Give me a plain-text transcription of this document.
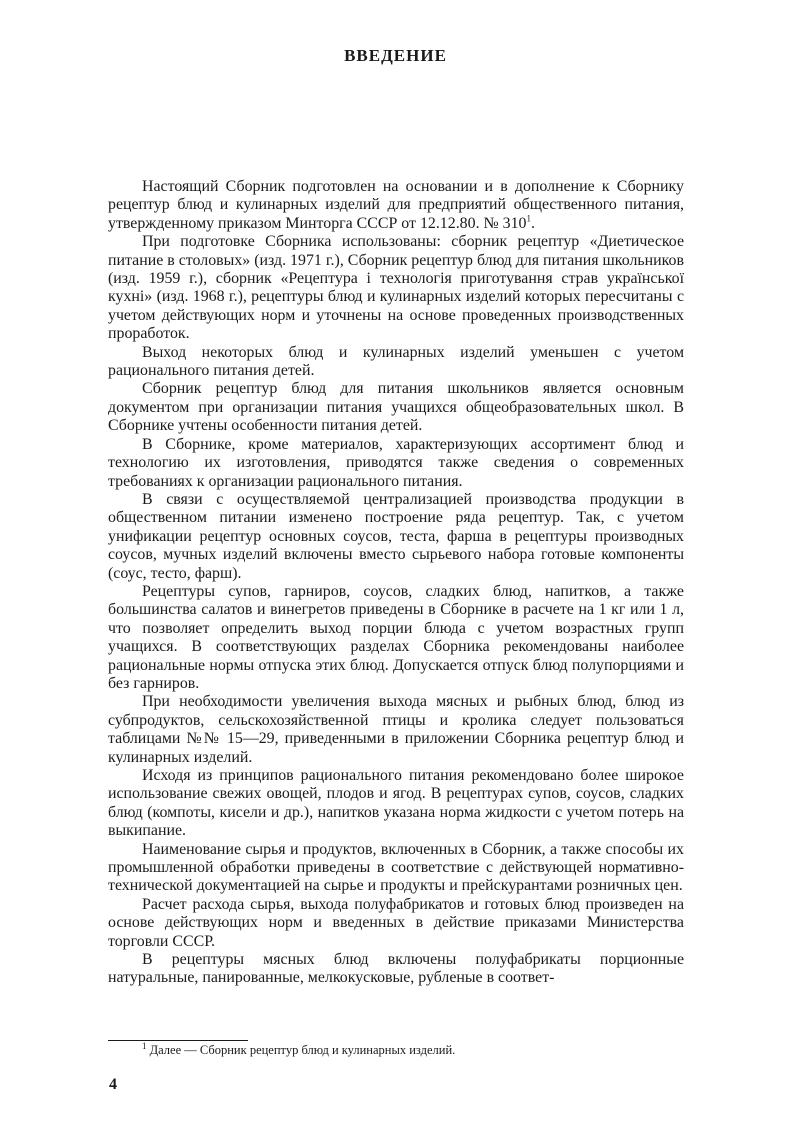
ВВЕДЕНИЕ

Настоящий Сборник подготовлен на основании и в дополнение к Сборнику рецептур блюд и кулинарных изделий для предприятий общественного питания, утвержденному приказом Минторга СССР от 12.12.80. № $310^1$.

При подготовке Сборника использованы: сборник рецептур «Диетическое питание в столовых» (изд. 1971 г.), Сборник рецептур блюд для питания школьников (изд. 1959 г.), сборник «Рецептура і технологія приготування страв української кухні» (изд. 1968 г.), рецептуры блюд и кулинарных изделий которых пересчитаны с учетом действующих норм и уточнены на основе проведенных производственных проработок.

Выход некоторых блюд и кулинарных изделий уменьшен с учетом рационального питания детей.

Сборник рецептур блюд для питания школьников является основным документом при организации питания учащихся общеобразовательных школ. В Сборнике учтены особенности питания детей.

В Сборнике, кроме материалов, характеризующих ассортимент блюд и технологию их изготовления, приводятся также сведения о современных требованиях к организации рационального питания.

В связи с осуществляемой централизацией производства продукции в общественном питании изменено построение ряда рецептур. Так, с учетом унификации рецептур основных соусов, теста, фарша в рецептуры производных соусов, мучных изделий включены вместо сырьевого набора готовые компоненты (соус, тесто, фарш).

Рецептуры супов, гарниров, соусов, сладких блюд, напитков, а также большинства салатов и винегретов приведены в Сборнике в расчете на 1 кг или 1 л, что позволяет определить выход порции блюда с учетом возрастных групп учащихся. В соответствующих разделах Сборника рекомендованы наиболее рациональные нормы отпуска этих блюд. Допускается отпуск блюд полупорциями и без гарниров.

При необходимости увеличения выхода мясных и рыбных блюд, блюд из субпродуктов, сельскохозяйственной птицы и кролика следует пользоваться таблицами №№ 15—29, приведенными в приложении Сборника рецептур блюд и кулинарных изделий.

Исходя из принципов рационального питания рекомендовано более широкое использование свежих овощей, плодов и ягод. В рецептурах супов, соусов, сладких блюд (компоты, кисели и др.), напитков указана норма жидкости с учетом потерь на выкипание.

Наименование сырья и продуктов, включенных в Сборник, а также способы их промышленной обработки приведены в соответствие с действующей нормативно-технической документацией на сырье и продукты и прейскурантами розничных цен.

Расчет расхода сырья, выхода полуфабрикатов и готовых блюд произведен на основе действующих норм и введенных в действие приказами Министерства торговли СССР.

В рецептуры мясных блюд включены полуфабрикаты порционные натуральные, панированные, мелкокусковые, рубленые в соответ-

$^1$ Далее — Сборник рецептур блюд и кулинарных изделий.
4
